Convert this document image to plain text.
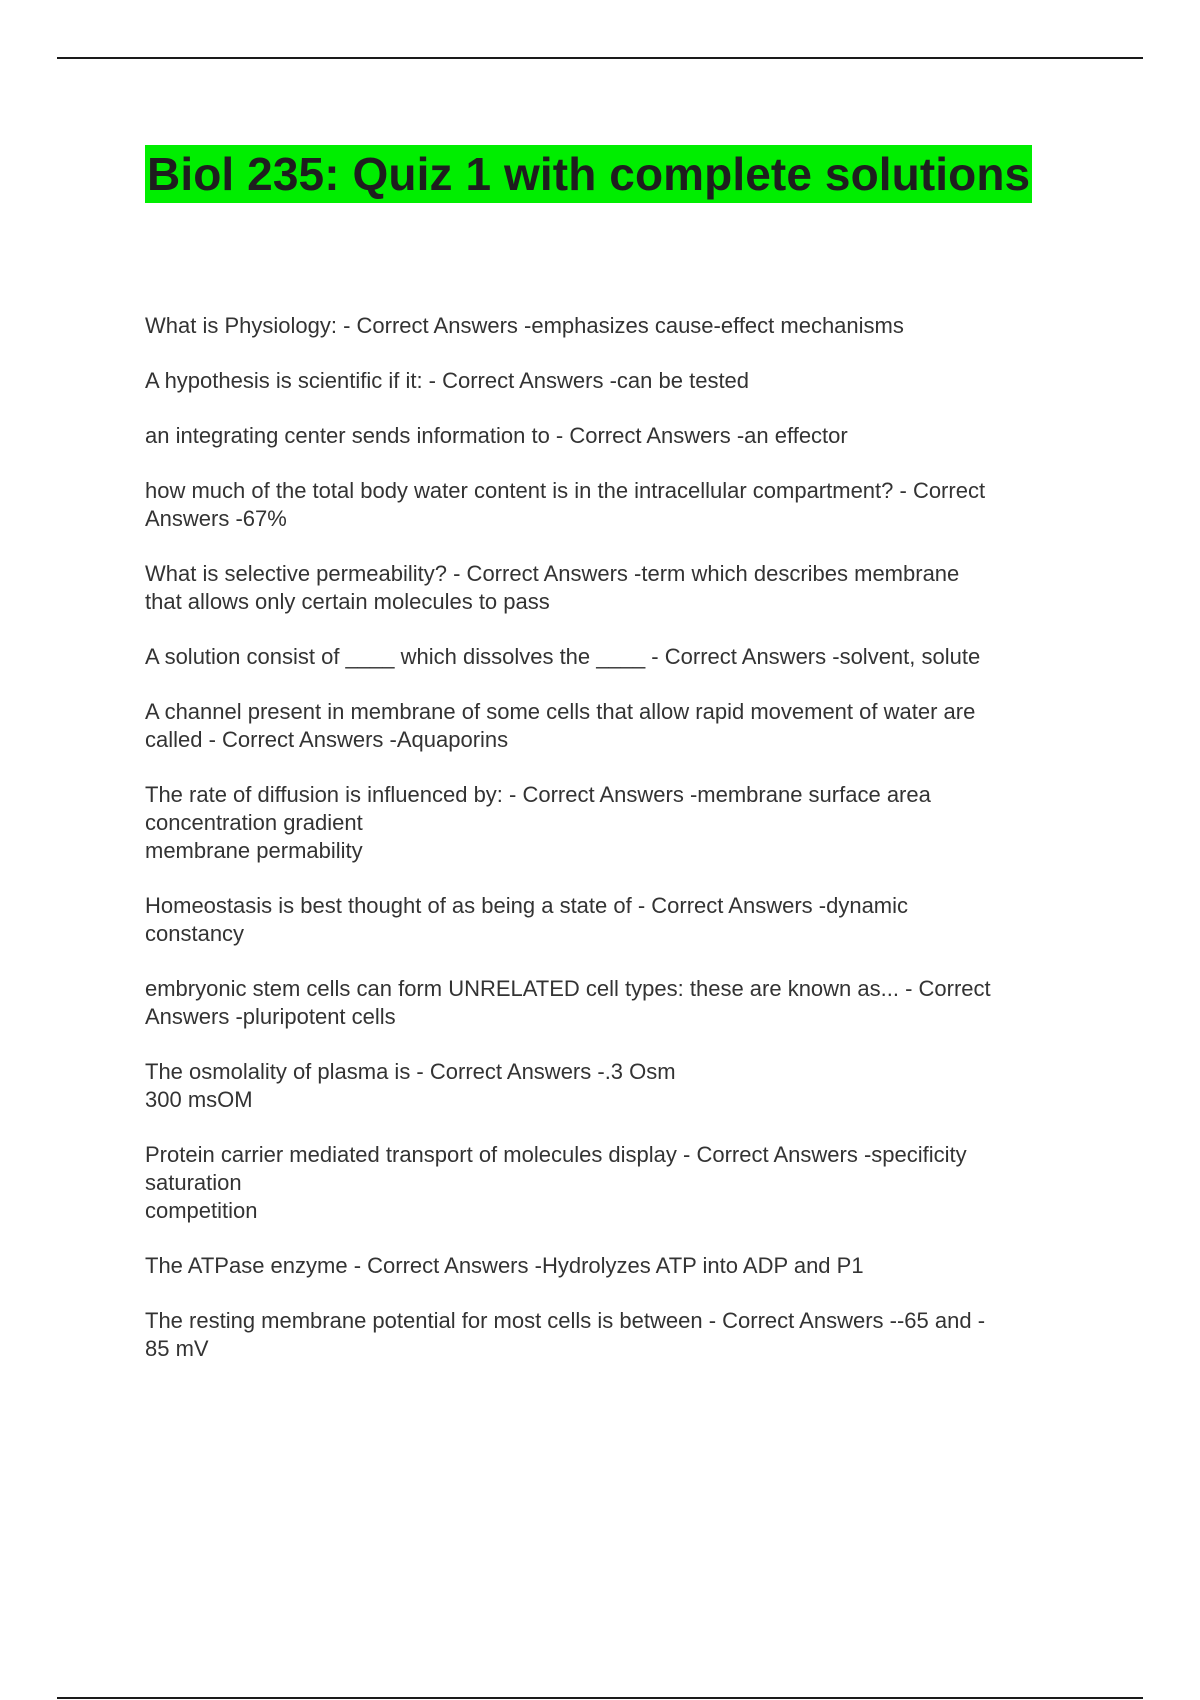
Biol 235: Quiz 1 with complete solutions

What is Physiology: - Correct Answers -emphasizes cause-effect mechanisms

A hypothesis is scientific if it: - Correct Answers -can be tested

an integrating center sends information to - Correct Answers -an effector

how much of the total body water content is in the intracellular compartment? - Correct
Answers -67%

What is selective permeability? - Correct Answers -term which describes membrane
that allows only certain molecules to pass

A solution consist of ____ which dissolves the ____ - Correct Answers -solvent, solute

A channel present in membrane of some cells that allow rapid movement of water are
called - Correct Answers -Aquaporins

The rate of diffusion is influenced by: - Correct Answers -membrane surface area
concentration gradient
membrane permability

Homeostasis is best thought of as being a state of - Correct Answers -dynamic
constancy

embryonic stem cells can form UNRELATED cell types: these are known as... - Correct
Answers -pluripotent cells

The osmolality of plasma is - Correct Answers -.3 Osm
300 msOM

Protein carrier mediated transport of molecules display - Correct Answers -specificity
saturation
competition

The ATPase enzyme - Correct Answers -Hydrolyzes ATP into ADP and P1

The resting membrane potential for most cells is between - Correct Answers --65 and -
85 mV
